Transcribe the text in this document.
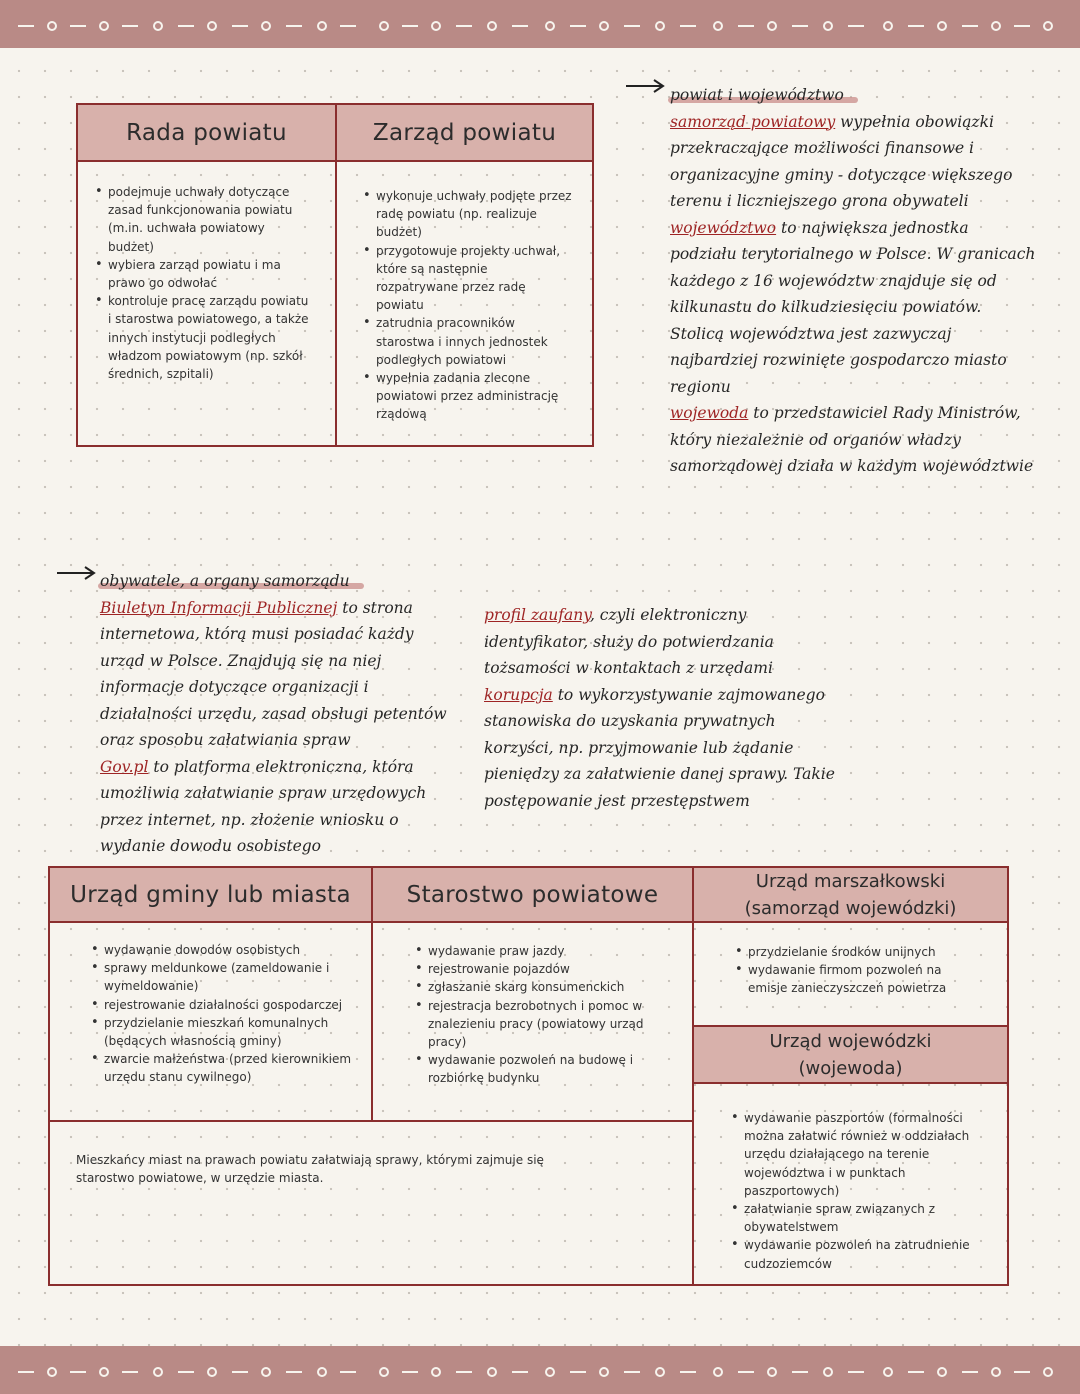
Rada powiatu	Zarząd powiatu
• podejmuje uchwały dotyczące zasad funkcjonowania powiatu (m.in. uchwała powiatowy budżet)
• wybiera zarząd powiatu i ma prawo go odwołać
• kontroluje pracę zarządu powiatu i starostwa powiatowego, a także innych instytucji podległych władzom powiatowym (np. szkół średnich, szpitali)
• wykonuje uchwały podjęte przez radę powiatu (np. realizuje budżet)
• przygotowuje projekty uchwał, które są następnie rozpatrywane przez radę powiatu
• zatrudnia pracowników starostwa i innych jednostek podległych powiatowi
• wypełnia zadania zlecone powiatowi przez administrację rządową
powiat i województwo
samorząd powiatowy wypełnia obowiązki przekraczające możliwości finansowe i organizacyjne gminy - dotyczące większego terenu i liczniejszego grona obywateli
województwo to największa jednostka podziału terytorialnego w Polsce. W granicach każdego z 16 województw znajduje się od kilkunastu do kilkudziesięciu powiatów. Stolicą województwa jest zazwyczaj najbardziej rozwinięte gospodarczo miasto regionu
wojewoda to przedstawiciel Rady Ministrów, który niezależnie od organów władzy samorządowej działa w każdym województwie
obywatele, a organy samorządu
Biuletyn Informacji Publicznej to strona internetowa, którą musi posiadać każdy urząd w Polsce. Znajdują się na niej informacje dotyczące organizacji i działalności urzędu, zasad obsługi petentów oraz sposobu załatwiania spraw
Gov.pl to platforma elektroniczna, która umożliwia załatwianie spraw urzędowych przez internet, np. złożenie wniosku o wydanie dowodu osobistego
profil zaufany, czyli elektroniczny identyfikator, służy do potwierdzania tożsamości w kontaktach z urzędami
korupcja to wykorzystywanie zajmowanego stanowiska do uzyskania prywatnych korzyści, np. przyjmowanie lub żądanie pieniędzy za załatwienie danej sprawy. Takie postępowanie jest przestępstwem
Urząd gminy lub miasta Starostwo powiatowe
Urząd marszałkowski (samorząd wojewódzki)
• wydawanie dowodów osobistych
• sprawy meldunkowe (zameldowanie i wymeldowanie)
• rejestrowanie działalności gospodarczej
• przydzielanie mieszkań komunalnych (będących własnością gminy)
• zwarcie małżeństwa (przed kierownikiem urzędu stanu cywilnego)
• wydawanie praw jazdy
• rejestrowanie pojazdów
• zgłaszanie skarg konsumenckich
• rejestracja bezrobotnych i pomoc w znalezieniu pracy (powiatowy urząd pracy)
• wydawanie pozwoleń na budowę i rozbiórkę budynku
• przydzielanie środków unijnych
• wydawanie firmom pozwoleń na emisje zanieczyszczeń powietrza
Urząd wojewódzki (wojewoda)
• wydawanie paszportów (formalności można załatwić również w oddziałach urzędu działającego na terenie województwa i w punktach paszportowych)
• załatwianie spraw związanych z obywatelstwem
• wydawanie pozwoleń na zatrudnienie cudzoziemców
Mieszkańcy miast na prawach powiatu załatwiają sprawy, którymi zajmuje się starostwo powiatowe, w urzędzie miasta.
